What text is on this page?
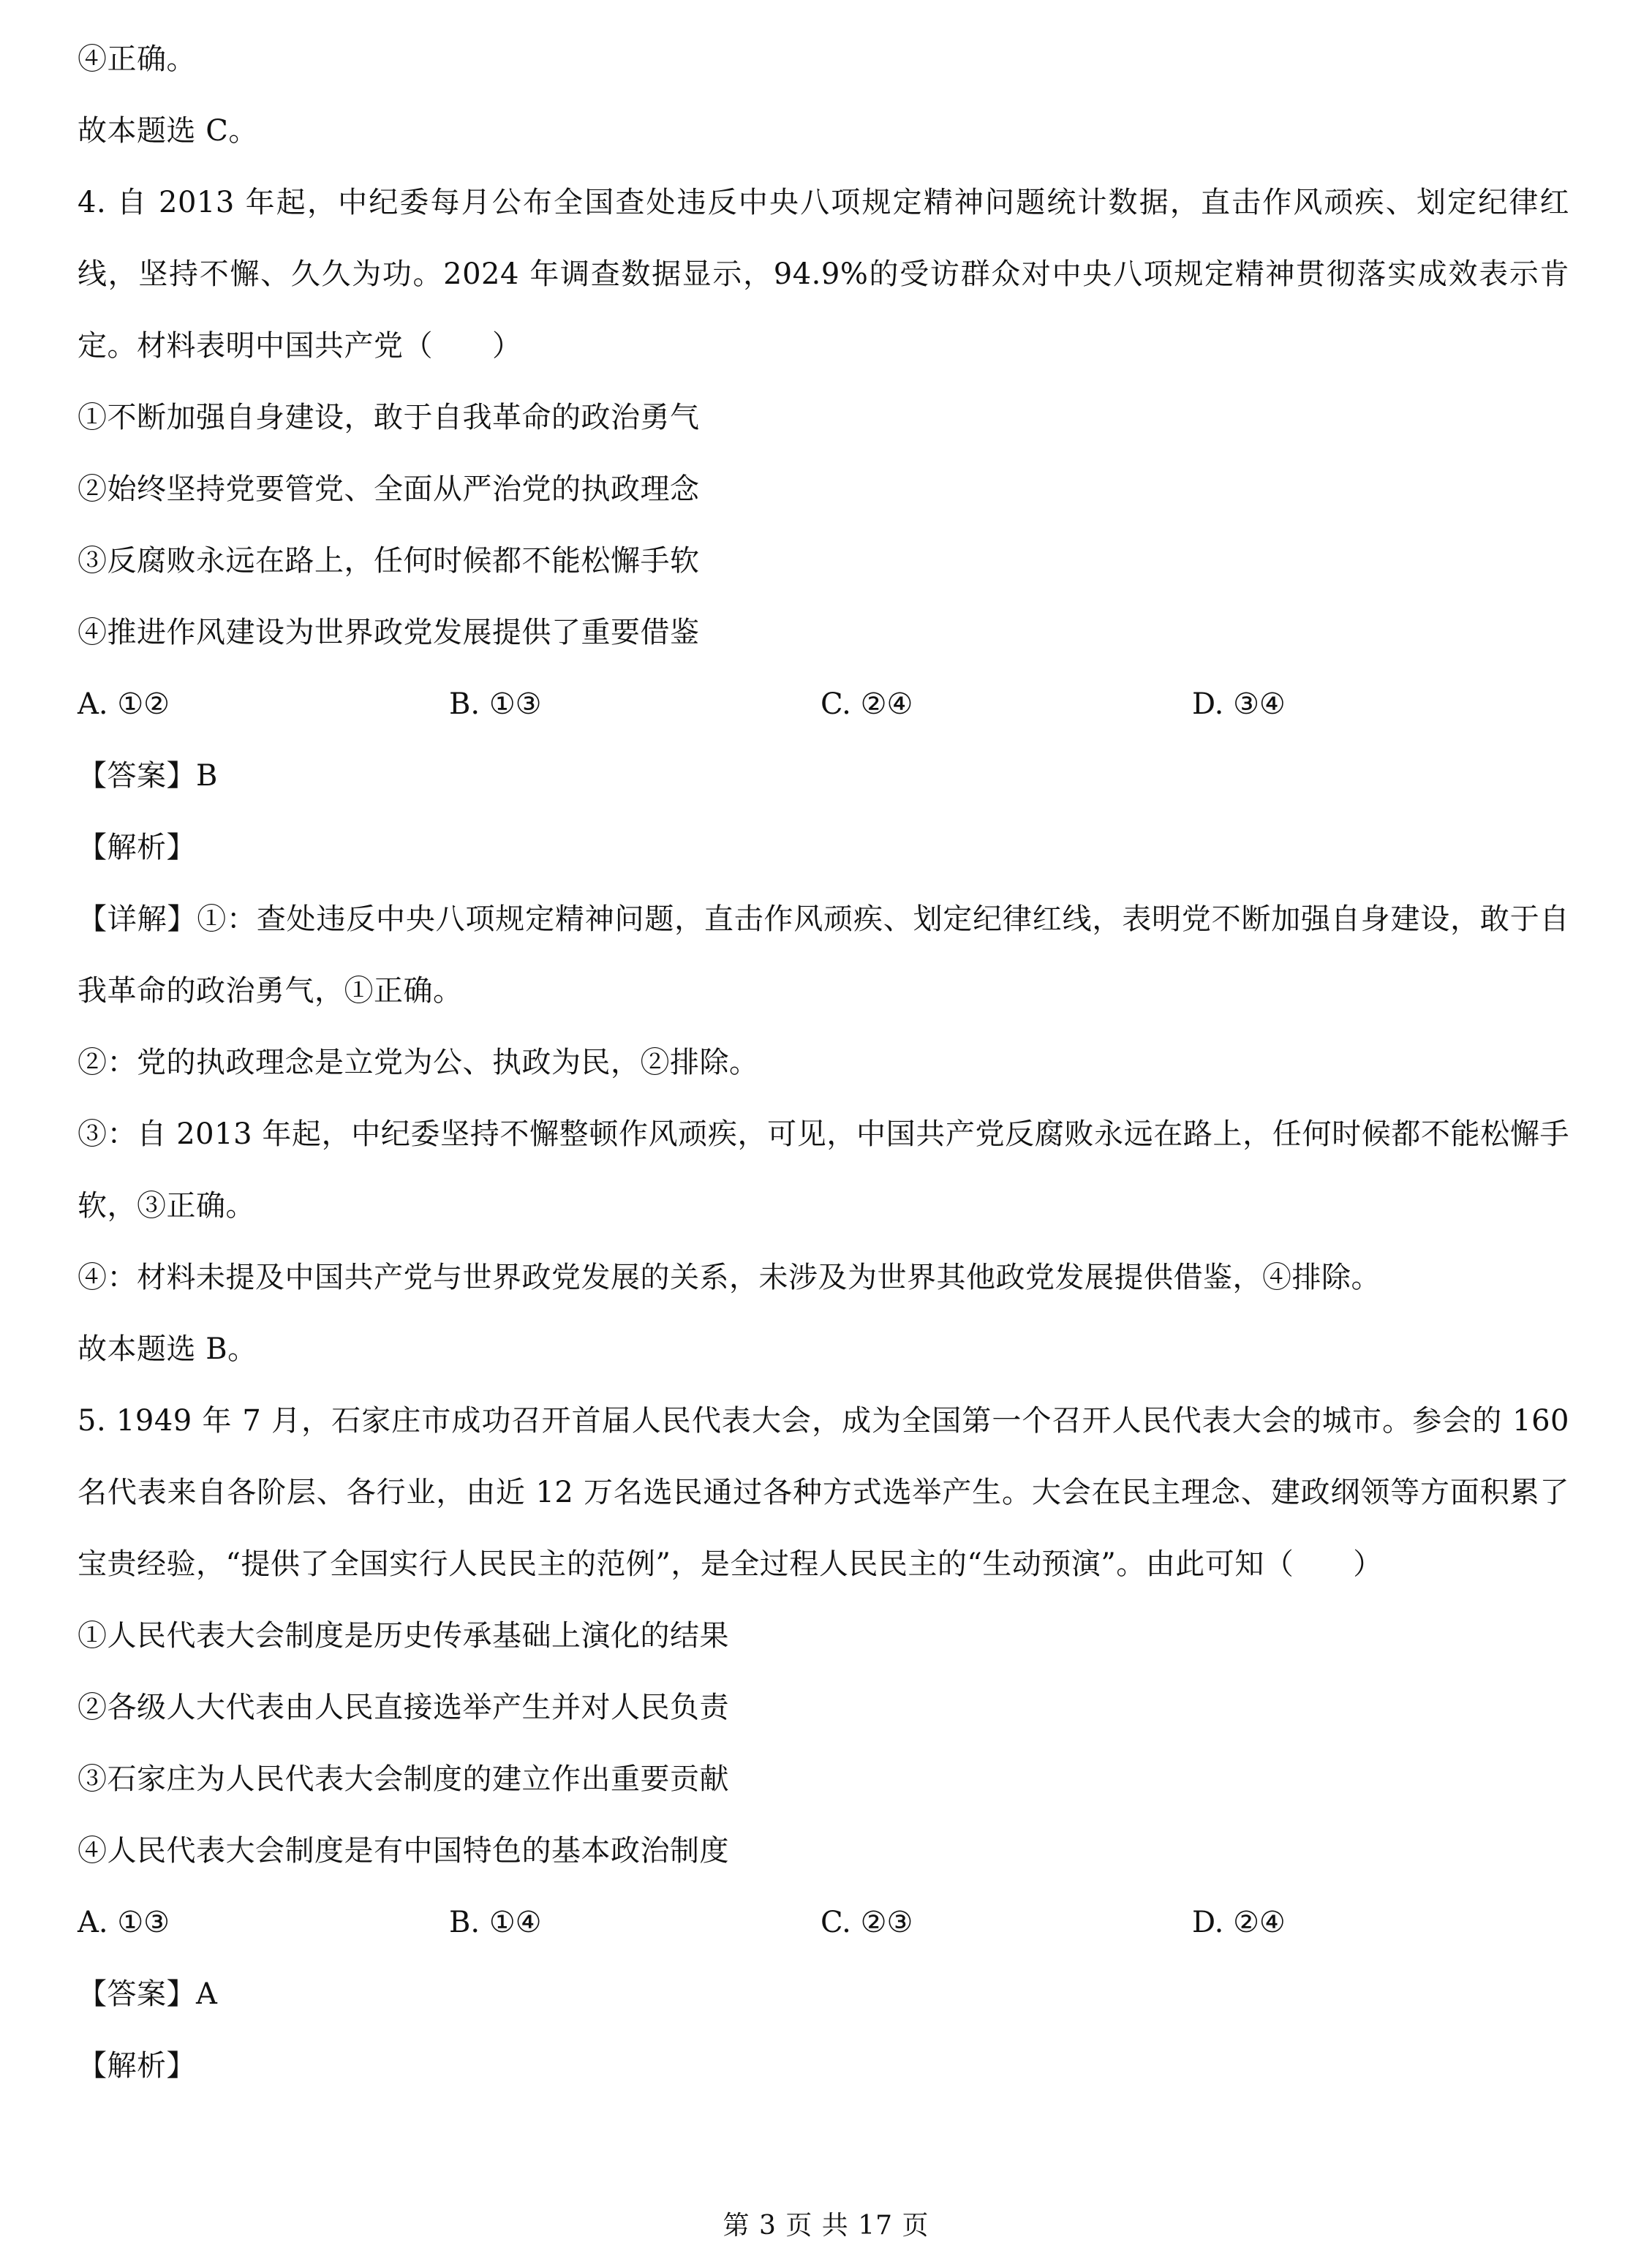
④正确。
故本题选 C。
4. 自 2013 年起，中纪委每月公布全国查处违反中央八项规定精神问题统计数据，直击作风顽疾、划定纪律红线，坚持不懈、久久为功。2024 年调查数据显示，94.9%的受访群众对中央八项规定精神贯彻落实成效表示肯定。材料表明中国共产党（　　）
①不断加强自身建设，敢于自我革命的政治勇气
②始终坚持党要管党、全面从严治党的执政理念
③反腐败永远在路上，任何时候都不能松懈手软
④推进作风建设为世界政党发展提供了重要借鉴
A. ①②	B. ①③	C. ②④	D. ③④
【答案】B
【解析】
【详解】①：查处违反中央八项规定精神问题，直击作风顽疾、划定纪律红线，表明党不断加强自身建设，敢于自我革命的政治勇气，①正确。
②：党的执政理念是立党为公、执政为民，②排除。
③：自 2013 年起，中纪委坚持不懈整顿作风顽疾，可见，中国共产党反腐败永远在路上，任何时候都不能松懈手软，③正确。
④：材料未提及中国共产党与世界政党发展的关系，未涉及为世界其他政党发展提供借鉴，④排除。
故本题选 B。
5. 1949 年 7 月，石家庄市成功召开首届人民代表大会，成为全国第一个召开人民代表大会的城市。参会的 160 名代表来自各阶层、各行业，由近 12 万名选民通过各种方式选举产生。大会在民主理念、建政纲领等方面积累了宝贵经验，“提供了全国实行人民民主的范例”，是全过程人民民主的“生动预演”。由此可知（　　）
①人民代表大会制度是历史传承基础上演化的结果
②各级人大代表由人民直接选举产生并对人民负责
③石家庄为人民代表大会制度的建立作出重要贡献
④人民代表大会制度是有中国特色的基本政治制度
A. ①③	B. ①④	C. ②③	D. ②④
【答案】A
【解析】
第 3 页 共 17 页
